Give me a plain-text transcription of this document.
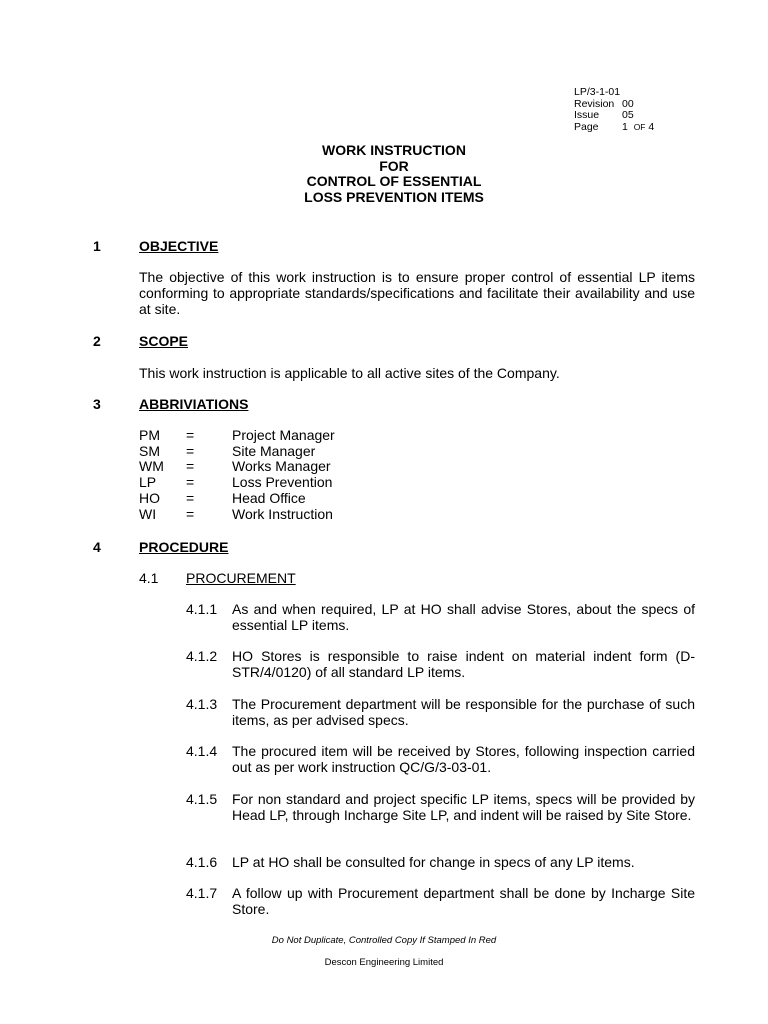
LP/3-1-01
Revision 00
Issue	05
Page	1
OF
4
WORK INSTRUCTION
FOR
CONTROL OF ESSENTIAL
LOSS PREVENTION ITEMS
1	OBJECTIVE
The objective of this work instruction is to ensure proper control of essential LP items conforming to appropriate standards/specifications and facilitate their availability and use at site.
2	SCOPE
This work instruction is applicable to all active sites of the Company.
3	ABBRIVIATIONS
PM	=	Project Manager
SM	=	Site Manager
WM	=	Works Manager
LP	=	Loss Prevention
HO	=	Head Office
WI	=	Work Instruction
4	PROCEDURE
4.1 PROCUREMENT
4.1.1	As and when required, LP at HO shall advise Stores, about the specs of essential LP items.
4.1.2	HO Stores is responsible to raise indent on material indent form (D-STR/4/0120) of all standard LP items.
4.1.3	The Procurement department will be responsible for the purchase of such items, as per advised specs.
4.1.4	The procured item will be received by Stores, following inspection carried out as per work instruction QC/G/3-03-01.
4.1.5	For non standard and project specific LP items, specs will be provided by Head LP, through Incharge Site LP, and indent will be raised by Site Store.
4.1.6	LP at HO shall be consulted for change in specs of any LP items.
4.1.7	A follow up with Procurement department shall be done by Incharge Site Store.
Do Not Duplicate, Controlled Copy If Stamped In Red
Descon Engineering Limited
